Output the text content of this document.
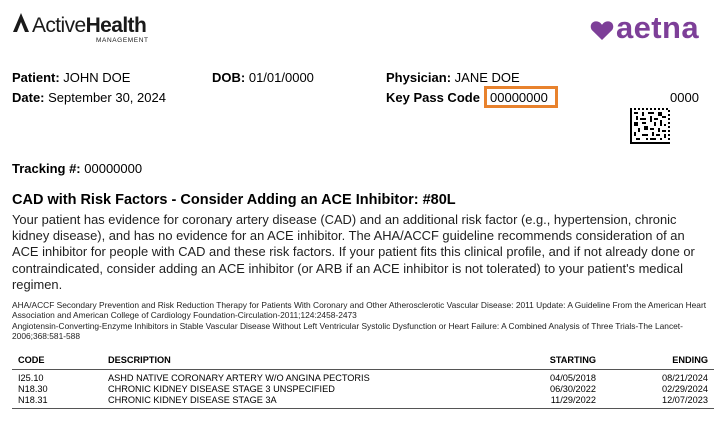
ActiveHealth
MANAGEMENT	aetna
Patient: JOHN DOE	DOB: 01/01/0000	Physician: JANE DOE
Date: September 30, 2024	Key Pass Code 00000000	0000
Tracking #: 00000000
CAD with Risk Factors - Consider Adding an ACE Inhibitor: #80L
Your patient has evidence for coronary artery disease (CAD) and an additional risk factor (e.g., hypertension, chronic kidney disease), and has no evidence for an ACE inhibitor. The AHA/ACCF guideline recommends consideration of an ACE inhibitor for people with CAD and these risk factors. If your patient fits this clinical profile, and if not already done or contraindicated, consider adding an ACE inhibitor (or ARB if an ACE inhibitor is not tolerated) to your patient's medical regimen.
AHA/ACCF Secondary Prevention and Risk Reduction Therapy for Patients With Coronary and Other Atherosclerotic Vascular Disease: 2011 Update: A Guideline From the American Heart Association and American College of Cardiology Foundation-Circulation-2011;124:2458-2473
Angiotensin-Converting-Enzyme Inhibitors in Stable Vascular Disease Without Left Ventricular Systolic Dysfunction or Heart Failure: A Combined Analysis of Three Trials-The Lancet-2006;368:581-588
CODE	DESCRIPTION	STARTING	ENDING
I25.10	ASHD NATIVE CORONARY ARTERY W/O ANGINA PECTORIS	04/05/2018	08/21/2024
N18.30	CHRONIC KIDNEY DISEASE STAGE 3 UNSPECIFIED	06/30/2022	02/29/2024
N18.31	CHRONIC KIDNEY DISEASE STAGE 3A	11/29/2022	12/07/2023
